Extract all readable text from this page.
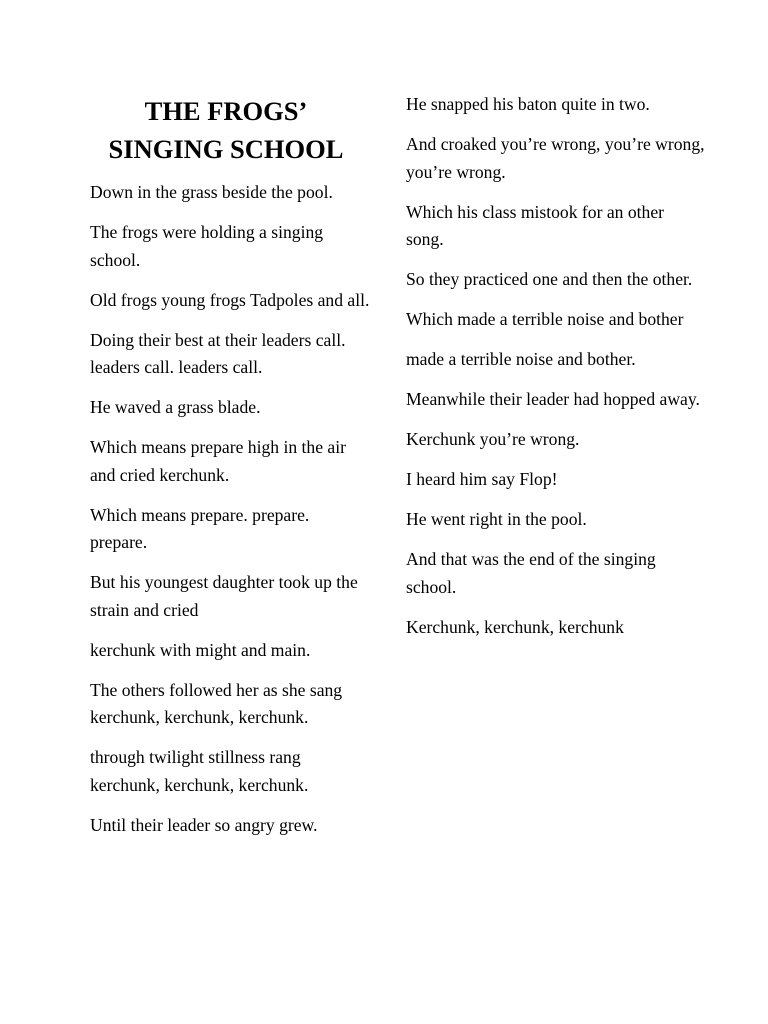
THE FROGS’
SINGING SCHOOL

Down in the grass beside the pool.

The frogs were holding a singing school.

Old frogs young frogs Tadpoles and all.

Doing their best at their leaders call. leaders call. leaders call.

He waved a grass blade.

Which means prepare high in the air and cried kerchunk.

Which means prepare. prepare. prepare.

But his youngest daughter took up the strain and cried

kerchunk with might and main.

The others followed her as she sang kerchunk, kerchunk, kerchunk.

through twilight stillness rang kerchunk, kerchunk, kerchunk.

Until their leader so angry grew.

He snapped his baton quite in two.

And croaked you’re wrong, you’re wrong, you’re wrong.

Which his class mistook for an other song.

So they practiced one and then the other.

Which made a terrible noise and bother

made a terrible noise and bother.

Meanwhile their leader had hopped away.

Kerchunk you’re wrong.

I heard him say Flop!

He went right in the pool.

And that was the end of the singing school.

Kerchunk, kerchunk, kerchunk
